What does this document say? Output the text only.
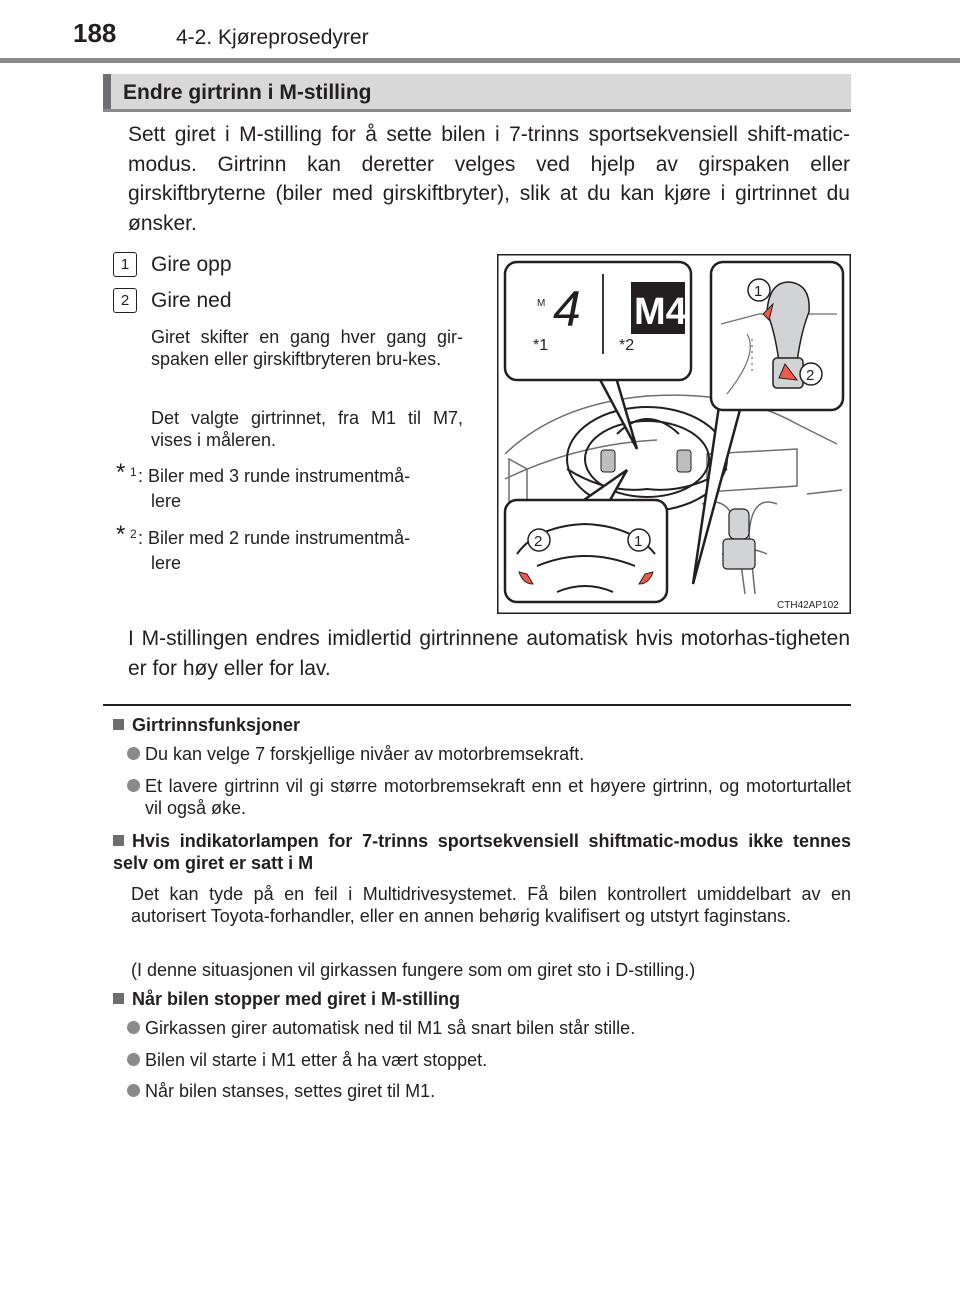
188	4-2. Kjøreprosedyrer
Endre girtrinn i M-stilling
Sett giret i M-stilling for å sette bilen i 7-trinns sportsekvensiell shift-matic-modus. Girtrinn kan deretter velges ved hjelp av girspaken eller girskiftbryterne (biler med girskiftbryter), slik at du kan kjøre i girtrinnet du ønsker.
1 Gire opp
2 Gire ned
Giret skifter en gang hver gang gir-spaken eller girskiftbryteren bru-kes.
Det valgte girtrinnet, fra M1 til M7, vises i måleren.
* 1 : Biler med 3 runde instrumentmå-
lere
* 2 : Biler med 2 runde instrumentmå-
lere
M 4 M4
*1	*2
1
2
2	1
CTH42AP102
I M-stillingen endres imidlertid girtrinnene automatisk hvis motorhas-tigheten er for høy eller for lav.
Girtrinnsfunksjoner
Du kan velge 7 forskjellige nivåer av motorbremsekraft.
Et lavere girtrinn vil gi større motorbremsekraft enn et høyere girtrinn, og motorturtallet vil også øke.
Hvis indikatorlampen for 7-trinns sportsekvensiell shiftmatic-modus ikke tennes selv om giret er satt i M
Det kan tyde på en feil i Multidrivesystemet. Få bilen kontrollert umiddelbart av en autorisert Toyota-forhandler, eller en annen behørig kvalifisert og utstyrt faginstans.
(I denne situasjonen vil girkassen fungere som om giret sto i D-stilling.)
Når bilen stopper med giret i M-stilling
Girkassen girer automatisk ned til M1 så snart bilen står stille.
Bilen vil starte i M1 etter å ha vært stoppet.
Når bilen stanses, settes giret til M1.
